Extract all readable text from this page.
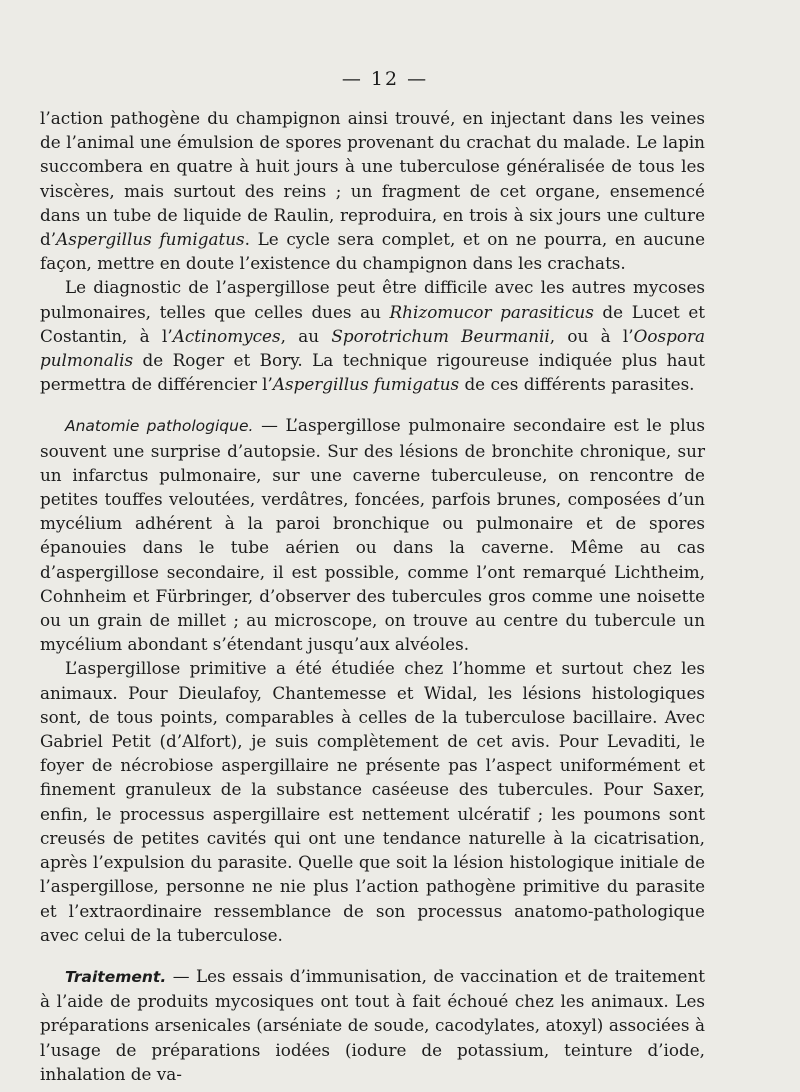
— 12 —

l’action pathogène du champignon ainsi trouvé, en injectant dans les veines de l’animal une émulsion de spores provenant du crachat du malade. Le lapin succombera en quatre à huit jours à une tuberculose généralisée de tous les viscères, mais surtout des reins ; un fragment de cet organe, ensemencé dans un tube de liquide de Raulin, reproduira, en trois à six jours une culture d’Aspergillus fumigatus. Le cycle sera complet, et on ne pourra, en aucune façon, mettre en doute l’existence du champignon dans les crachats.

Le diagnostic de l’aspergillose peut être difficile avec les autres mycoses pulmonaires, telles que celles dues au Rhizomucor parasiticus de Lucet et Costantin, à l’Actinomyces, au Sporotrichum Beurmanii, ou à l’Oospora pulmonalis de Roger et Bory. La technique rigoureuse indiquée plus haut permettra de différencier l’Aspergillus fumigatus de ces différents parasites.

Anatomie pathologique. — L’aspergillose pulmonaire secondaire est le plus souvent une surprise d’autopsie. Sur des lésions de bronchite chronique, sur un infarctus pulmonaire, sur une caverne tuberculeuse, on rencontre de petites touffes veloutées, verdâtres, foncées, parfois brunes, composées d’un mycélium adhérent à la paroi bronchique ou pulmonaire et de spores épanouies dans le tube aérien ou dans la caverne. Même au cas d’aspergillose secondaire, il est possible, comme l’ont remarqué Lichtheim, Cohnheim et Fürbringer, d’observer des tubercules gros comme une noisette ou un grain de millet ; au microscope, on trouve au centre du tubercule un mycélium abondant s’étendant jusqu’aux alvéoles.

L’aspergillose primitive a été étudiée chez l’homme et surtout chez les animaux. Pour Dieulafoy, Chantemesse et Widal, les lésions histologiques sont, de tous points, comparables à celles de la tuberculose bacillaire. Avec Gabriel Petit (d’Alfort), je suis complètement de cet avis. Pour Levaditi, le foyer de nécrobiose aspergillaire ne présente pas l’aspect uniformément et finement granuleux de la substance caséeuse des tubercules. Pour Saxer, enfin, le processus aspergillaire est nettement ulcératif ; les poumons sont creusés de petites cavités qui ont une tendance naturelle à la cicatrisation, après l’expulsion du parasite. Quelle que soit la lésion histologique initiale de l’aspergillose, personne ne nie plus l’action pathogène primitive du parasite et l’extraordinaire ressemblance de son processus anatomo-pathologique avec celui de la tuberculose.

Traitement. — Les essais d’immunisation, de vaccination et de traitement à l’aide de produits mycosiques ont tout à fait échoué chez les animaux. Les préparations arsenicales (arséniate de soude, cacodylates, atoxyl) associées à l’usage de préparations iodées (iodure de potassium, teinture d’iode, inhalation de va-
